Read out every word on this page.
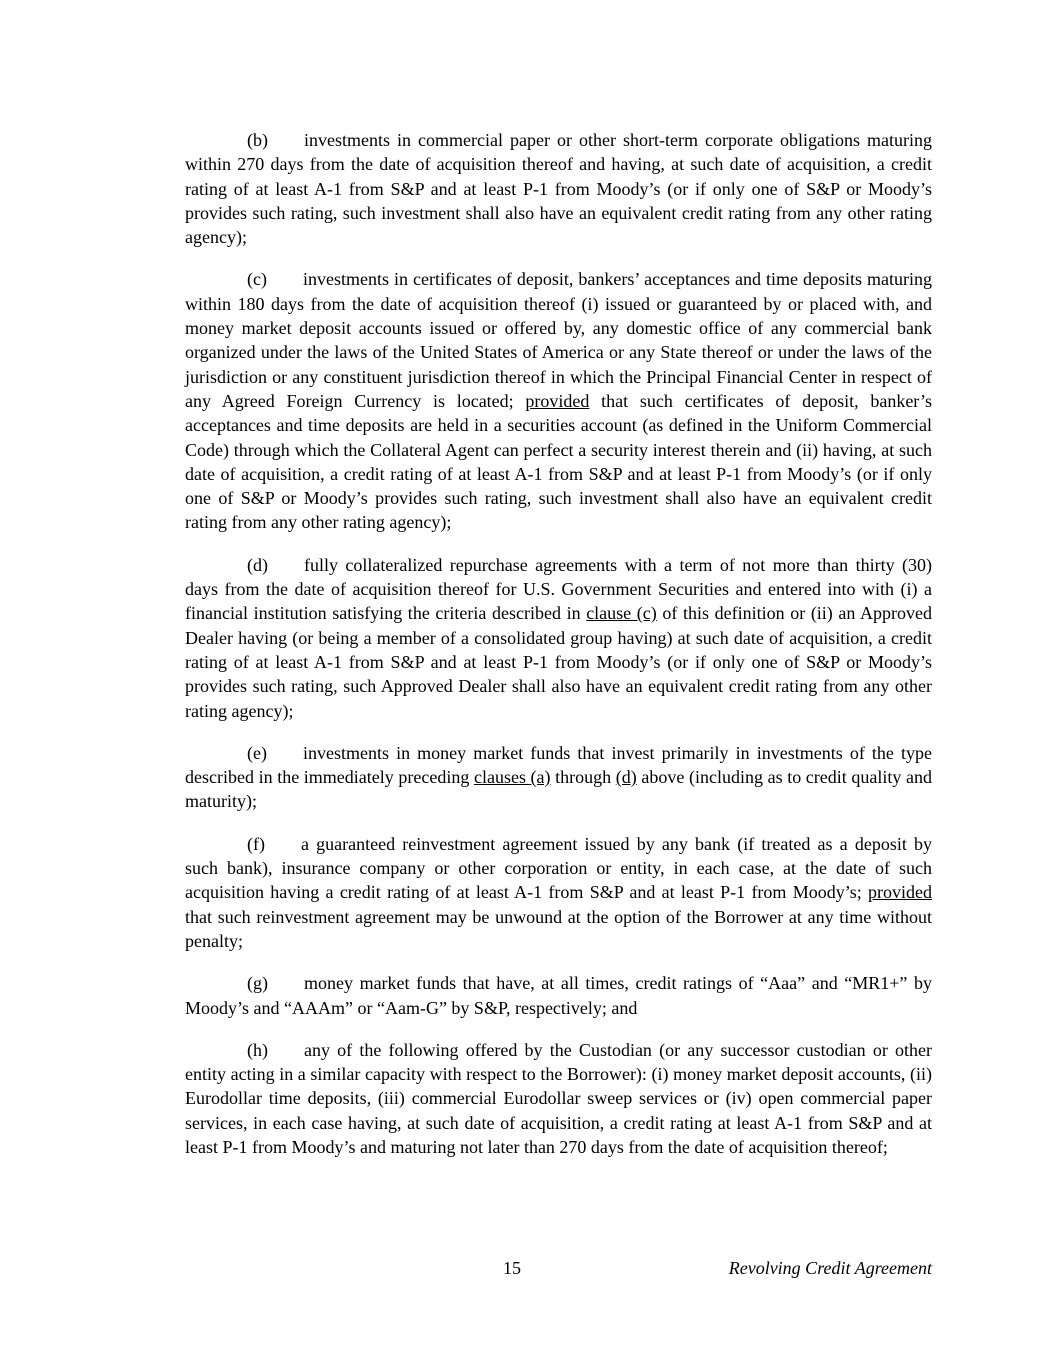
(b) investments in commercial paper or other short-term corporate obligations maturing within 270 days from the date of acquisition thereof and having, at such date of acquisition, a credit rating of at least A-1 from S&P and at least P-1 from Moody’s (or if only one of S&P or Moody’s provides such rating, such investment shall also have an equivalent credit rating from any other rating agency);

(c) investments in certificates of deposit, bankers’ acceptances and time deposits maturing within 180 days from the date of acquisition thereof (i) issued or guaranteed by or placed with, and money market deposit accounts issued or offered by, any domestic office of any commercial bank organized under the laws of the United States of America or any State thereof or under the laws of the jurisdiction or any constituent jurisdiction thereof in which the Principal Financial Center in respect of any Agreed Foreign Currency is located; provided that such certificates of deposit, banker’s acceptances and time deposits are held in a securities account (as defined in the Uniform Commercial Code) through which the Collateral Agent can perfect a security interest therein and (ii) having, at such date of acquisition, a credit rating of at least A-1 from S&P and at least P-1 from Moody’s (or if only one of S&P or Moody’s provides such rating, such investment shall also have an equivalent credit rating from any other rating agency);

(d) fully collateralized repurchase agreements with a term of not more than thirty (30) days from the date of acquisition thereof for U.S. Government Securities and entered into with (i) a financial institution satisfying the criteria described in clause (c) of this definition or (ii) an Approved Dealer having (or being a member of a consolidated group having) at such date of acquisition, a credit rating of at least A-1 from S&P and at least P-1 from Moody’s (or if only one of S&P or Moody’s provides such rating, such Approved Dealer shall also have an equivalent credit rating from any other rating agency);

(e) investments in money market funds that invest primarily in investments of the type described in the immediately preceding clauses (a) through (d) above (including as to credit quality and maturity);

(f) a guaranteed reinvestment agreement issued by any bank (if treated as a deposit by such bank), insurance company or other corporation or entity, in each case, at the date of such acquisition having a credit rating of at least A-1 from S&P and at least P-1 from Moody’s; provided that such reinvestment agreement may be unwound at the option of the Borrower at any time without penalty;

(g) money market funds that have, at all times, credit ratings of “Aaa” and “MR1+” by Moody’s and “AAAm” or “Aam-G” by S&P, respectively; and

(h) any of the following offered by the Custodian (or any successor custodian or other entity acting in a similar capacity with respect to the Borrower): (i) money market deposit accounts, (ii) Eurodollar time deposits, (iii) commercial Eurodollar sweep services or (iv) open commercial paper services, in each case having, at such date of acquisition, a credit rating at least A-1 from S&P and at least P-1 from Moody’s and maturing not later than 270 days from the date of acquisition thereof;

15	Revolving Credit Agreement
